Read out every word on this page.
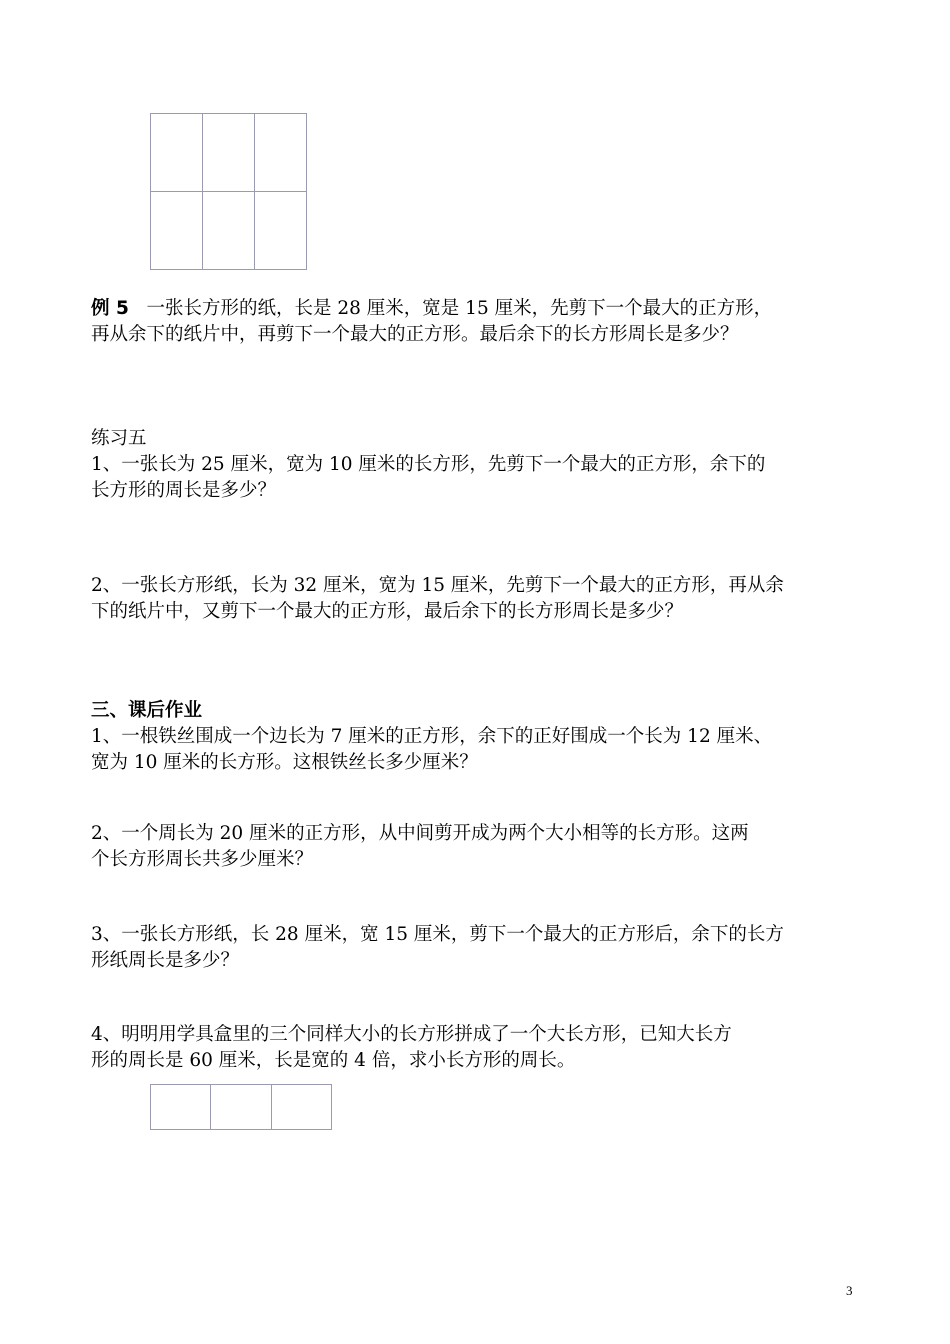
例 5 一张长方形的纸，长是 28 厘米，宽是 15 厘米，先剪下一个最大的正方形，
再从余下的纸片中，再剪下一个最大的正方形。最后余下的长方形周长是多少？
练习五
1、一张长为 25 厘米，宽为 10 厘米的长方形，先剪下一个最大的正方形，余下的
长方形的周长是多少？
2、一张长方形纸，长为 32 厘米，宽为 15 厘米，先剪下一个最大的正方形，再从余
下的纸片中，又剪下一个最大的正方形，最后余下的长方形周长是多少？
三、课后作业
1、一根铁丝围成一个边长为 7 厘米的正方形，余下的正好围成一个长为 12 厘米、
宽为 10 厘米的长方形。这根铁丝长多少厘米？
2、一个周长为 20 厘米的正方形，从中间剪开成为两个大小相等的长方形。这两
个长方形周长共多少厘米？
3、一张长方形纸，长 28 厘米，宽 15 厘米，剪下一个最大的正方形后，余下的长方
形纸周长是多少？
4、明明用学具盒里的三个同样大小的长方形拼成了一个大长方形，已知大长方
形的周长是 60 厘米，长是宽的 4 倍，求小长方形的周长。
3
